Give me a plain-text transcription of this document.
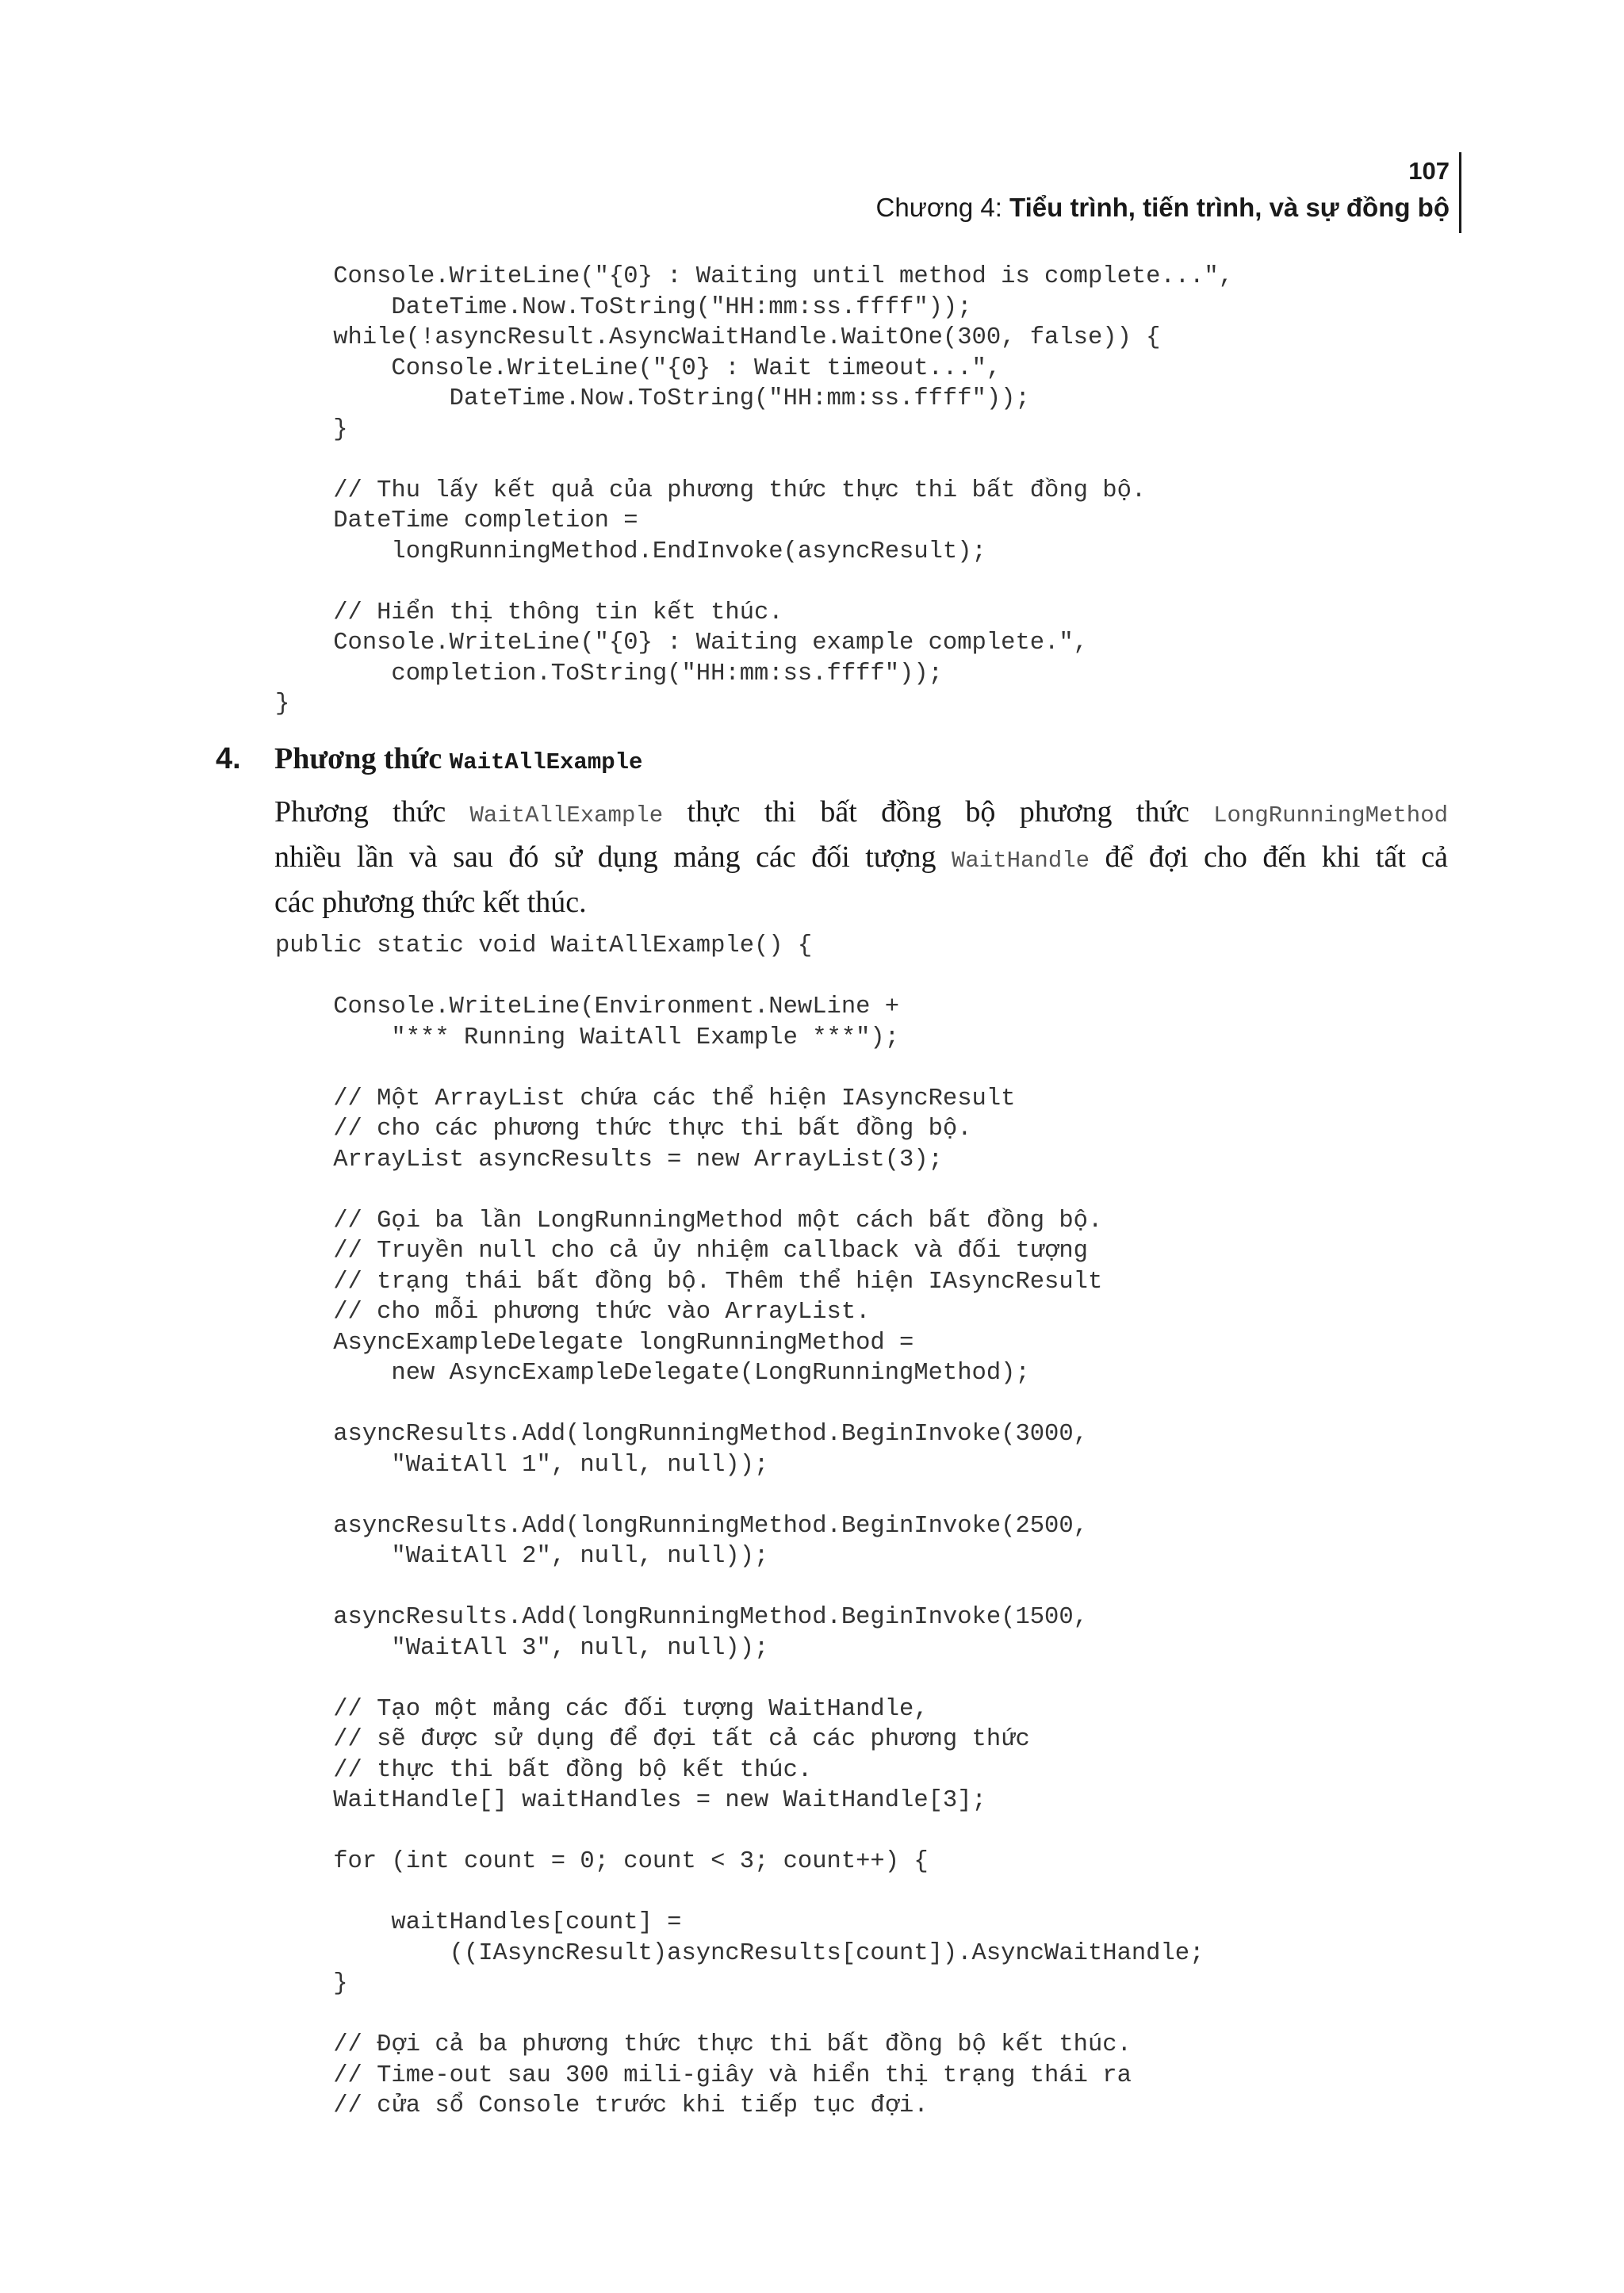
107
Chương 4: Tiểu trình, tiến trình, và sự đồng bộ
Console.WriteLine("{0} : Waiting until method is complete...",
DateTime.Now.ToString("HH:mm:ss.ffff"));
while(!asyncResult.AsyncWaitHandle.WaitOne(300, false)) {
Console.WriteLine("{0} : Wait timeout...",
DateTime.Now.ToString("HH:mm:ss.ffff"));
}

// Thu lấy kết quả của phương thức thực thi bất đồng bộ.
DateTime completion =
longRunningMethod.EndInvoke(asyncResult);

// Hiển thị thông tin kết thúc.
Console.WriteLine("{0} : Waiting example complete.",
completion.ToString("HH:mm:ss.ffff"));
}
4. Phương thức WaitAllExample
Phương thức WaitAllExample thực thi bất đồng bộ phương thức LongRunningMethod
nhiều lần và sau đó sử dụng mảng các đối tượng WaitHandle để đợi cho đến khi tất cả
các phương thức kết thúc.
public static void WaitAllExample() {

Console.WriteLine(Environment.NewLine +
"*** Running WaitAll Example ***");

// Một ArrayList chứa các thể hiện IAsyncResult
// cho các phương thức thực thi bất đồng bộ.
ArrayList asyncResults = new ArrayList(3);

// Gọi ba lần LongRunningMethod một cách bất đồng bộ.
// Truyền null cho cả ủy nhiệm callback và đối tượng
// trạng thái bất đồng bộ. Thêm thể hiện IAsyncResult
// cho mỗi phương thức vào ArrayList.
AsyncExampleDelegate longRunningMethod =
new AsyncExampleDelegate(LongRunningMethod);

asyncResults.Add(longRunningMethod.BeginInvoke(3000,
"WaitAll 1", null, null));

asyncResults.Add(longRunningMethod.BeginInvoke(2500,
"WaitAll 2", null, null));

asyncResults.Add(longRunningMethod.BeginInvoke(1500,
"WaitAll 3", null, null));

// Tạo một mảng các đối tượng WaitHandle,
// sẽ được sử dụng để đợi tất cả các phương thức
// thực thi bất đồng bộ kết thúc.
WaitHandle[] waitHandles = new WaitHandle[3];

for (int count = 0; count < 3; count++) {

waitHandles[count] =
((IAsyncResult)asyncResults[count]).AsyncWaitHandle;
}

// Đợi cả ba phương thức thực thi bất đồng bộ kết thúc.
// Time-out sau 300 mili-giây và hiển thị trạng thái ra
// cửa sổ Console trước khi tiếp tục đợi.
